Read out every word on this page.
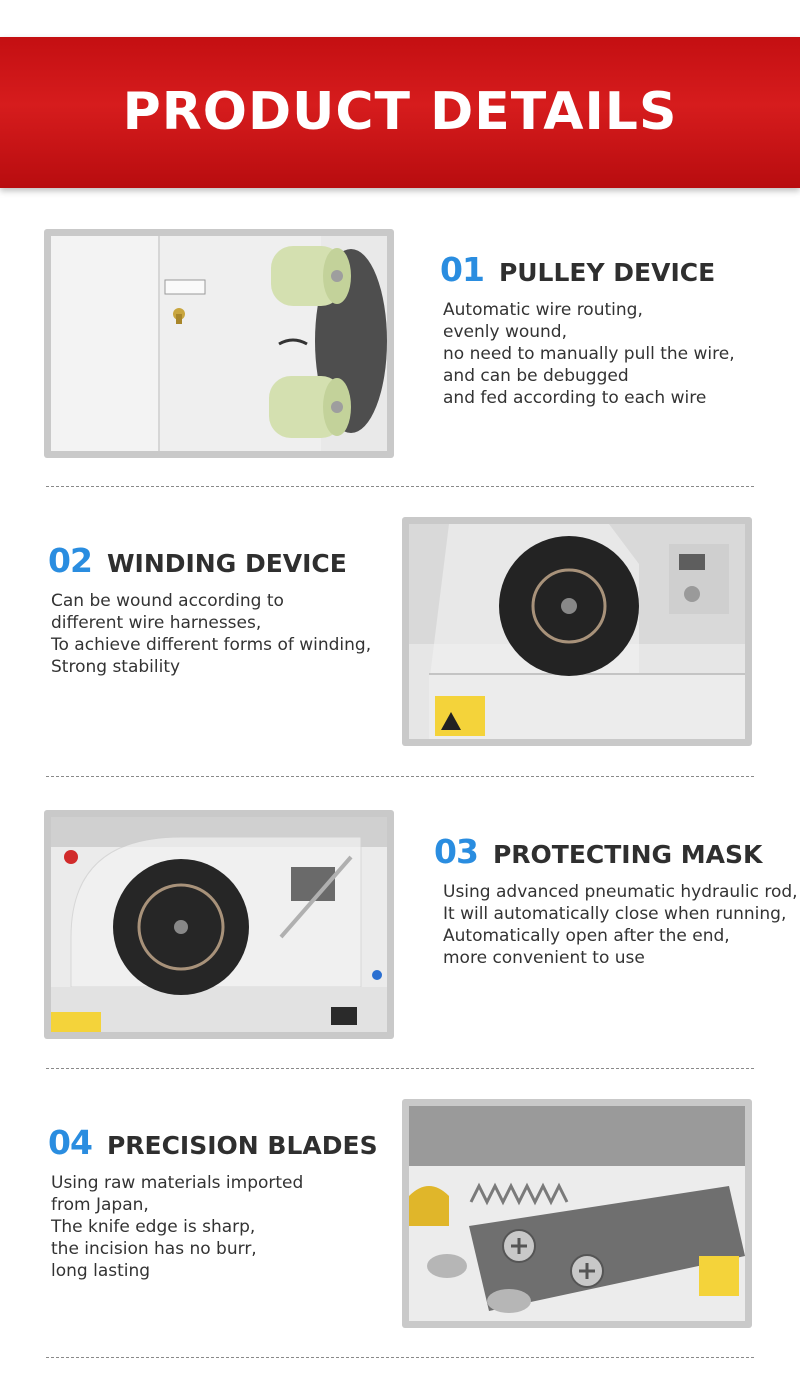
PRODUCT DETAILS
01 PULLEY DEVICE
Automatic wire routing,
evenly wound,
no need to manually pull the wire,
and can be debugged
and fed according to each wire
02 WINDING DEVICE
Can be wound according to
different wire harnesses,
To achieve different forms of winding,
Strong stability
03 PROTECTING MASK
Using advanced pneumatic hydraulic rod,
It will automatically close when running,
Automatically open after the end,
more convenient to use
04 PRECISION BLADES
Using raw materials imported
from Japan,
The knife edge is sharp,
the incision has no burr,
long lasting
